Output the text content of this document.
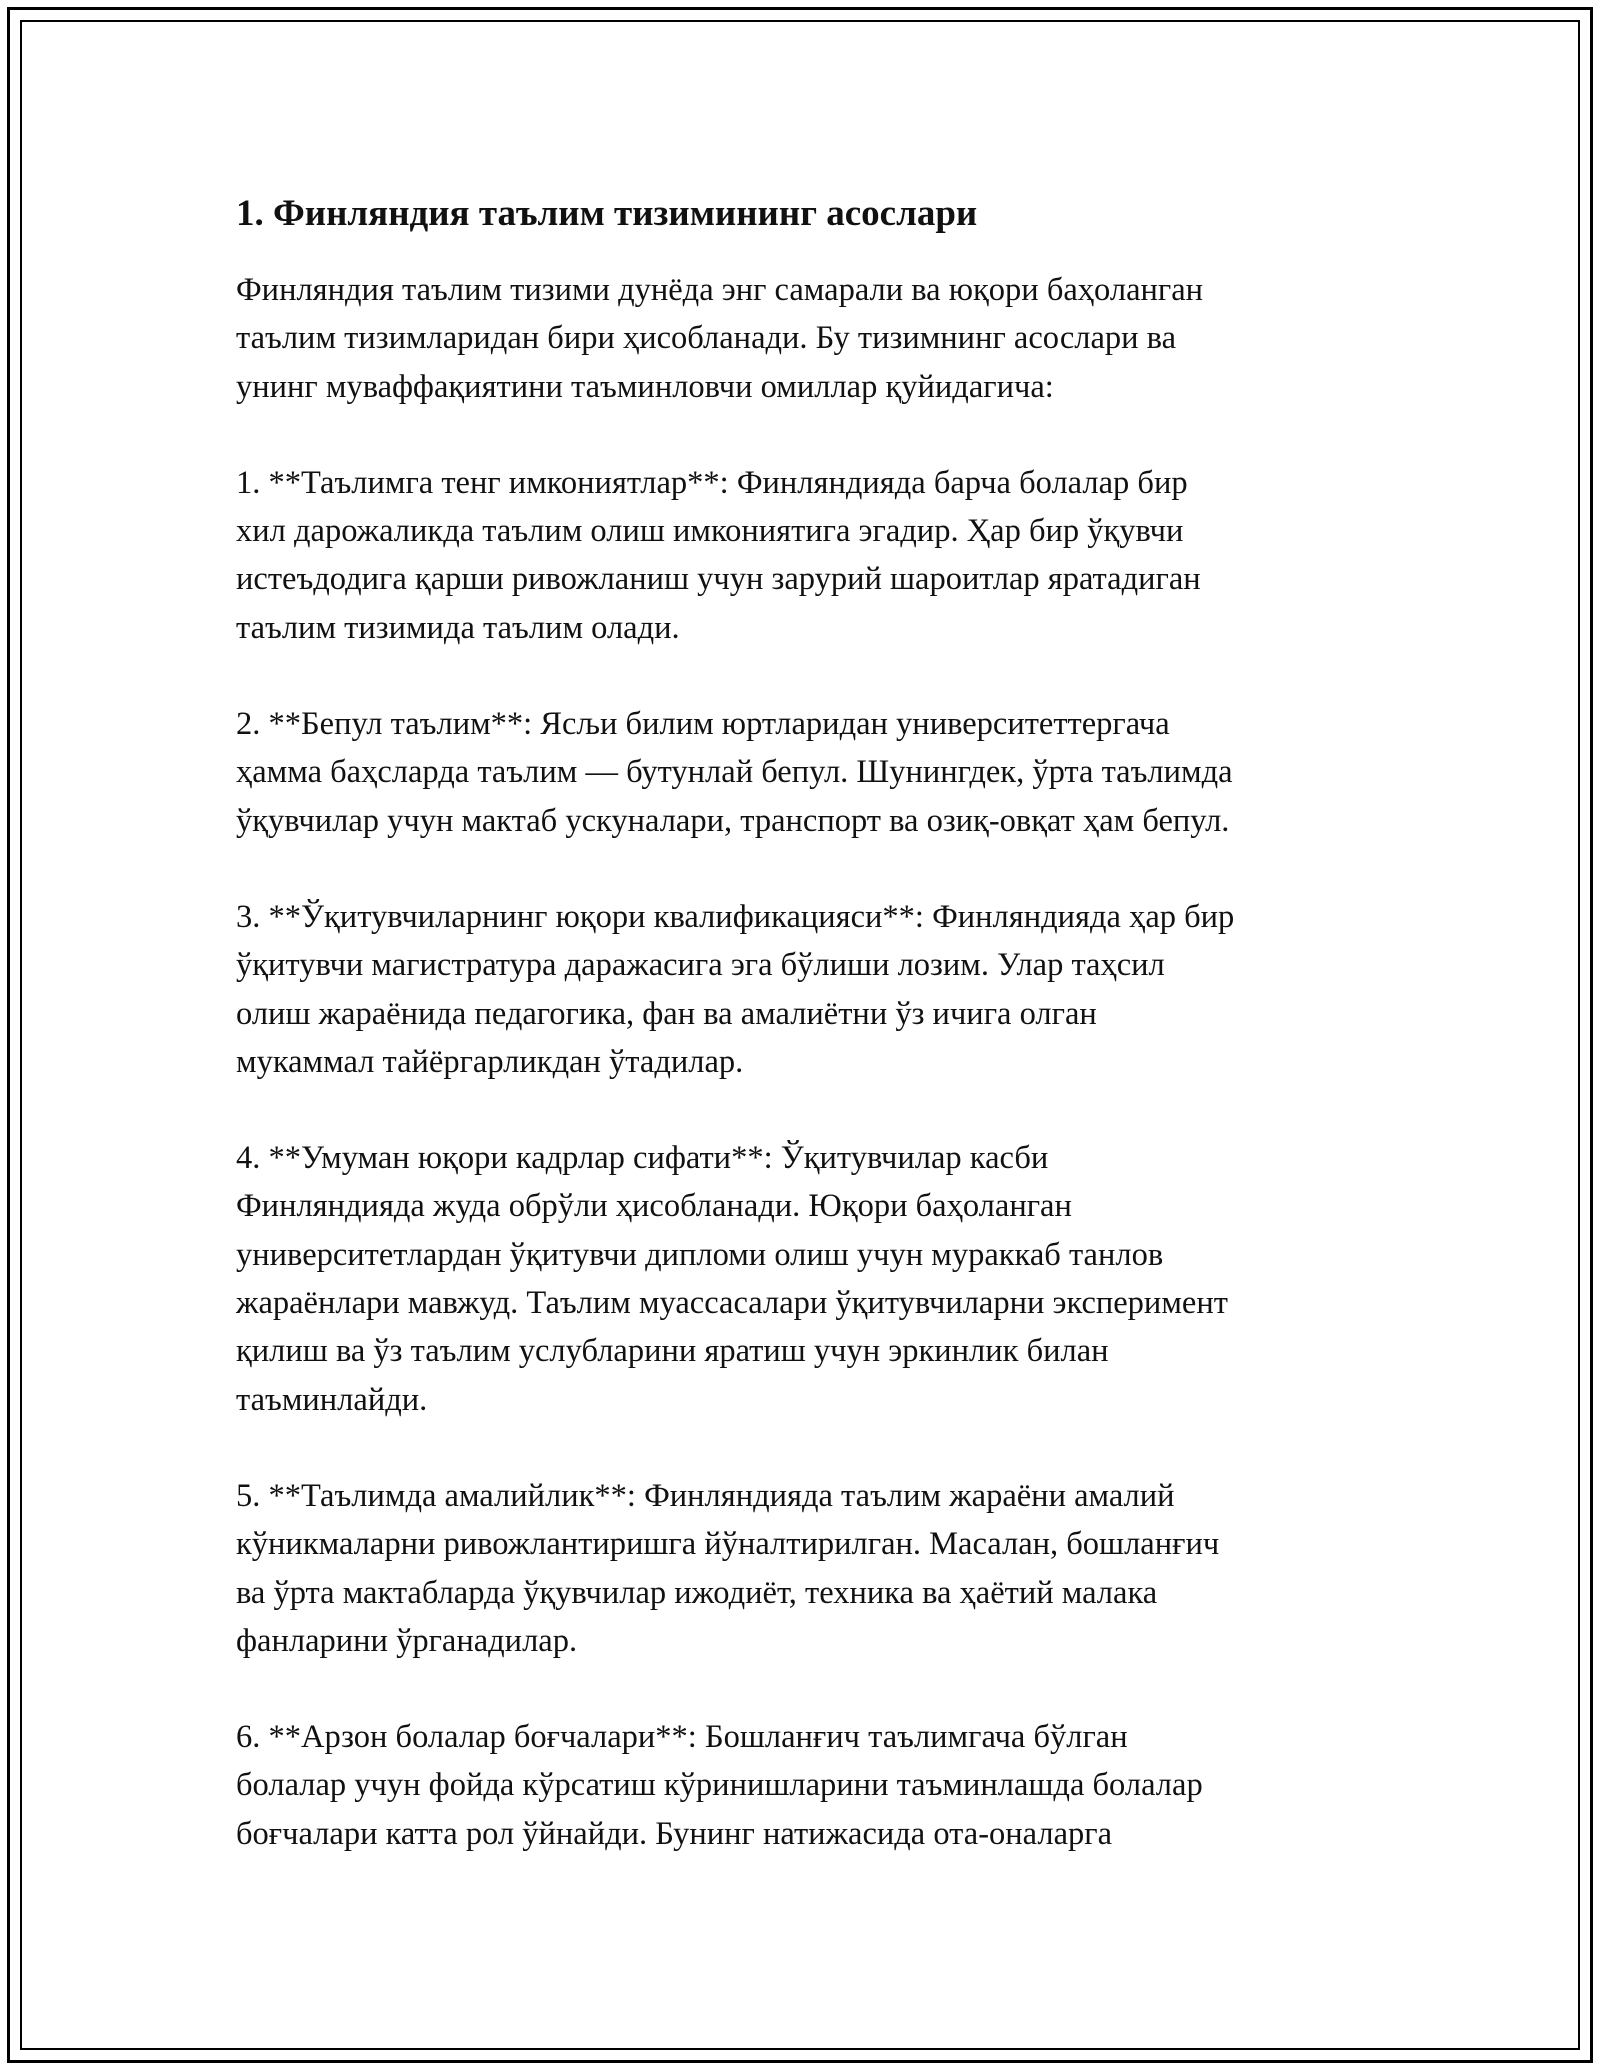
1. Финляндия таълим тизимининг асослари

Финляндия таълим тизими дунёда энг самарали ва юқори баҳоланган
таълим тизимларидан бири ҳисобланади. Бу тизимнинг асослари ва
унинг муваффақиятини таъминловчи омиллар қуйидагича:

1. **Таълимга тенг имкониятлар**: Финляндияда барча болалар бир
хил дарожаликда таълим олиш имкониятига эгадир. Ҳар бир ўқувчи
истеъдодига қарши ривожланиш учун зарурий шароитлар яратадиган
таълим тизимида таълим олади.

2. **Бепул таълим**: Ясљи билим юртларидан университеттергача
ҳамма баҳсларда таълим — бутунлай бепул. Шунингдек, ўрта таълимда
ўқувчилар учун мактаб ускуналари, транспорт ва озиқ-овқат ҳам бепул.

3. **Ўқитувчиларнинг юқори квалификацияси**: Финляндияда ҳар бир
ўқитувчи магистратура даражасига эга бўлиши лозим. Улар таҳсил
олиш жараёнида педагогика, фан ва амалиётни ўз ичига олган
мукаммал тайёргарликдан ўтадилар.

4. **Умуман юқори кадрлар сифати**: Ўқитувчилар касби
Финляндияда жуда обрўли ҳисобланади. Юқори баҳоланган
университетлардан ўқитувчи дипломи олиш учун мураккаб танлов
жараёнлари мавжуд. Таълим муассасалари ўқитувчиларни эксперимент
қилиш ва ўз таълим услубларини яратиш учун эркинлик билан
таъминлайди.

5. **Таълимда амалийлик**: Финляндияда таълим жараёни амалий
кўникмаларни ривожлантиришга йўналтирилган. Масалан, бошланғич
ва ўрта мактабларда ўқувчилар ижодиёт, техника ва ҳаётий малака
фанларини ўрганадилар.

6. **Арзон болалар боғчалари**: Бошланғич таълимгача бўлган
болалар учун фойда кўрсатиш кўринишларини таъминлашда болалар
боғчалари катта рол ўйнайди. Бунинг натижасида ота-оналарга
